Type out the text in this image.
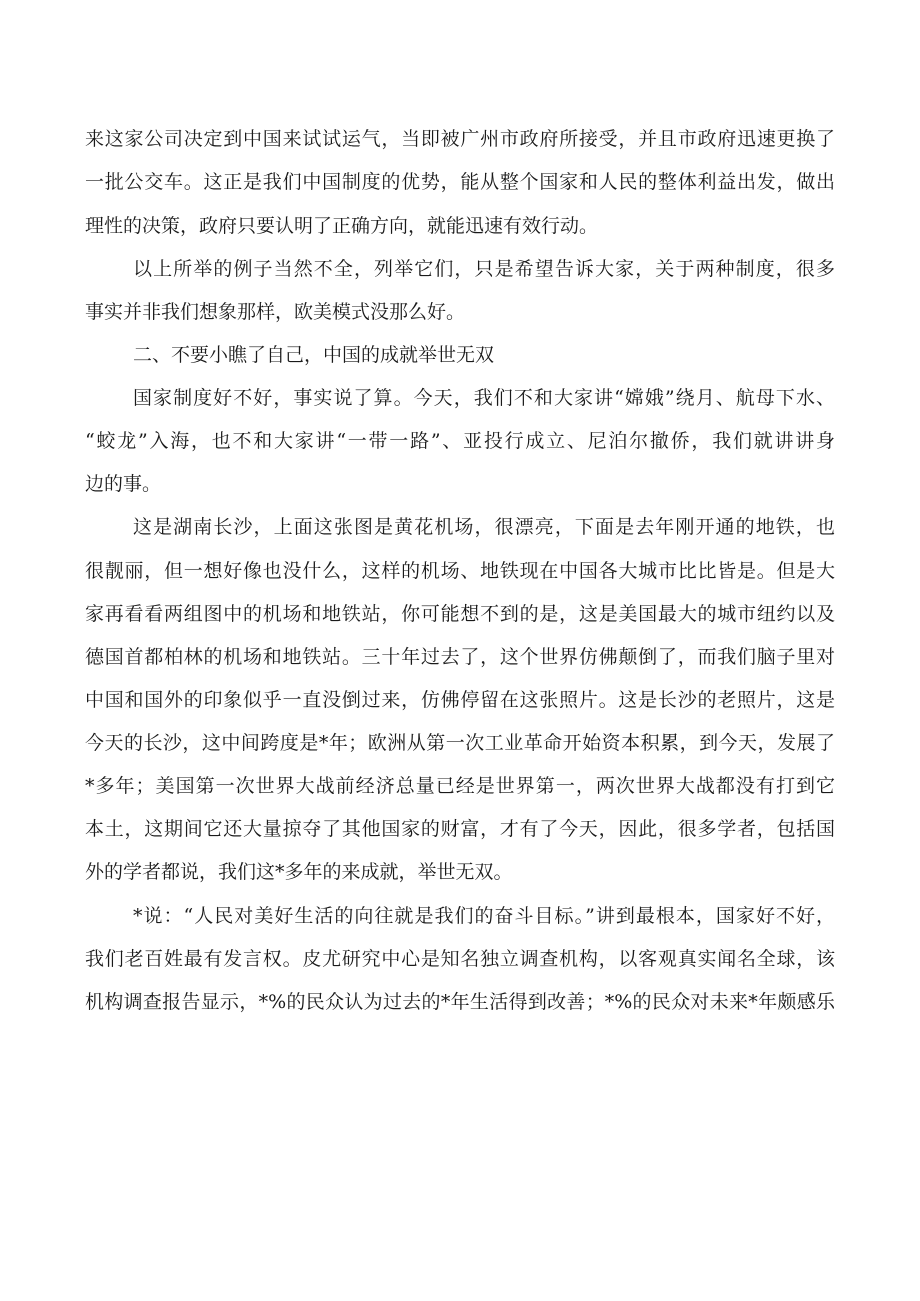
来这家公司决定到中国来试试运气，当即被广州市政府所接受，并且市政府迅速更换了
一批公交车。这正是我们中国制度的优势，能从整个国家和人民的整体利益出发，做出
理性的决策，政府只要认明了正确方向，就能迅速有效行动。
以上所举的例子当然不全，列举它们，只是希望告诉大家，关于两种制度，很多
事实并非我们想象那样，欧美模式没那么好。
二、不要小瞧了自己，中国的成就举世无双
国家制度好不好，事实说了算。今天，我们不和大家讲“嫦娥”绕月、航母下水、
“蛟龙”入海，也不和大家讲“一带一路”、亚投行成立、尼泊尔撤侨，我们就讲讲身
边的事。
这是湖南长沙，上面这张图是黄花机场，很漂亮，下面是去年刚开通的地铁，也
很靓丽，但一想好像也没什么，这样的机场、地铁现在中国各大城市比比皆是。但是大
家再看看两组图中的机场和地铁站，你可能想不到的是，这是美国最大的城市纽约以及
德国首都柏林的机场和地铁站。三十年过去了，这个世界仿佛颠倒了，而我们脑子里对
中国和国外的印象似乎一直没倒过来，仿佛停留在这张照片。这是长沙的老照片，这是
今天的长沙，这中间跨度是*年；欧洲从第一次工业革命开始资本积累，到今天，发展了
*多年；美国第一次世界大战前经济总量已经是世界第一，两次世界大战都没有打到它
本土，这期间它还大量掠夺了其他国家的财富，才有了今天，因此，很多学者，包括国
外的学者都说，我们这*多年的来成就，举世无双。
*说：“人民对美好生活的向往就是我们的奋斗目标。”讲到最根本，国家好不好，
我们老百姓最有发言权。皮尤研究中心是知名独立调查机构，以客观真实闻名全球，该
机构调查报告显示，*%的民众认为过去的*年生活得到改善；*%的民众对未来*年颇感乐
